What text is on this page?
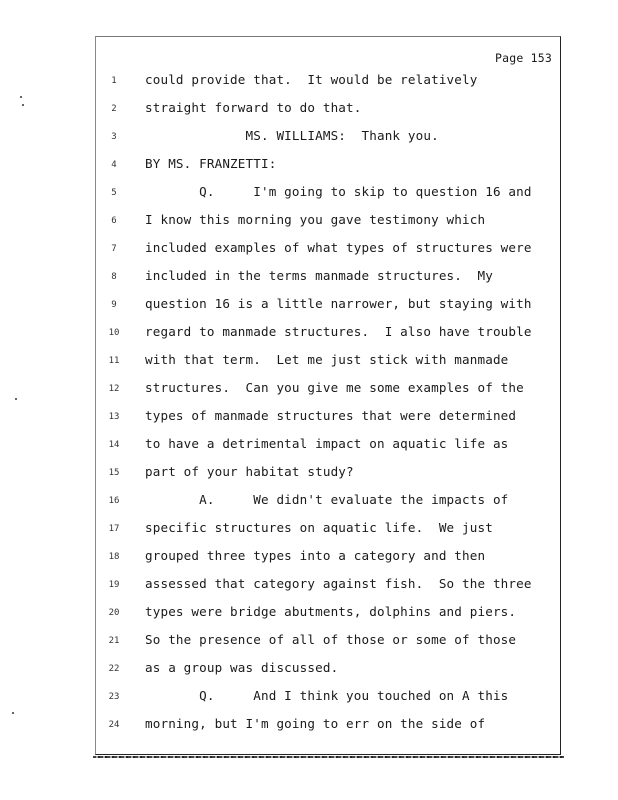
Page 153
1	could provide that.  It would be relatively
2	straight forward to do that.
3	MS. WILLIAMS:  Thank you.
4	BY MS. FRANZETTI:
5	Q.     I'm going to skip to question 16 and
6	I know this morning you gave testimony which
7	included examples of what types of structures were
8	included in the terms manmade structures.  My
9	question 16 is a little narrower, but staying with
10	regard to manmade structures.  I also have trouble
11	with that term.  Let me just stick with manmade
12	structures.  Can you give me some examples of the
13	types of manmade structures that were determined
14	to have a detrimental impact on aquatic life as
15	part of your habitat study?
16	A.     We didn't evaluate the impacts of
17	specific structures on aquatic life.  We just
18	grouped three types into a category and then
19	assessed that category against fish.  So the three
20	types were bridge abutments, dolphins and piers.
21	So the presence of all of those or some of those
22	as a group was discussed.
23	Q.     And I think you touched on A this
24	morning, but I'm going to err on the side of
